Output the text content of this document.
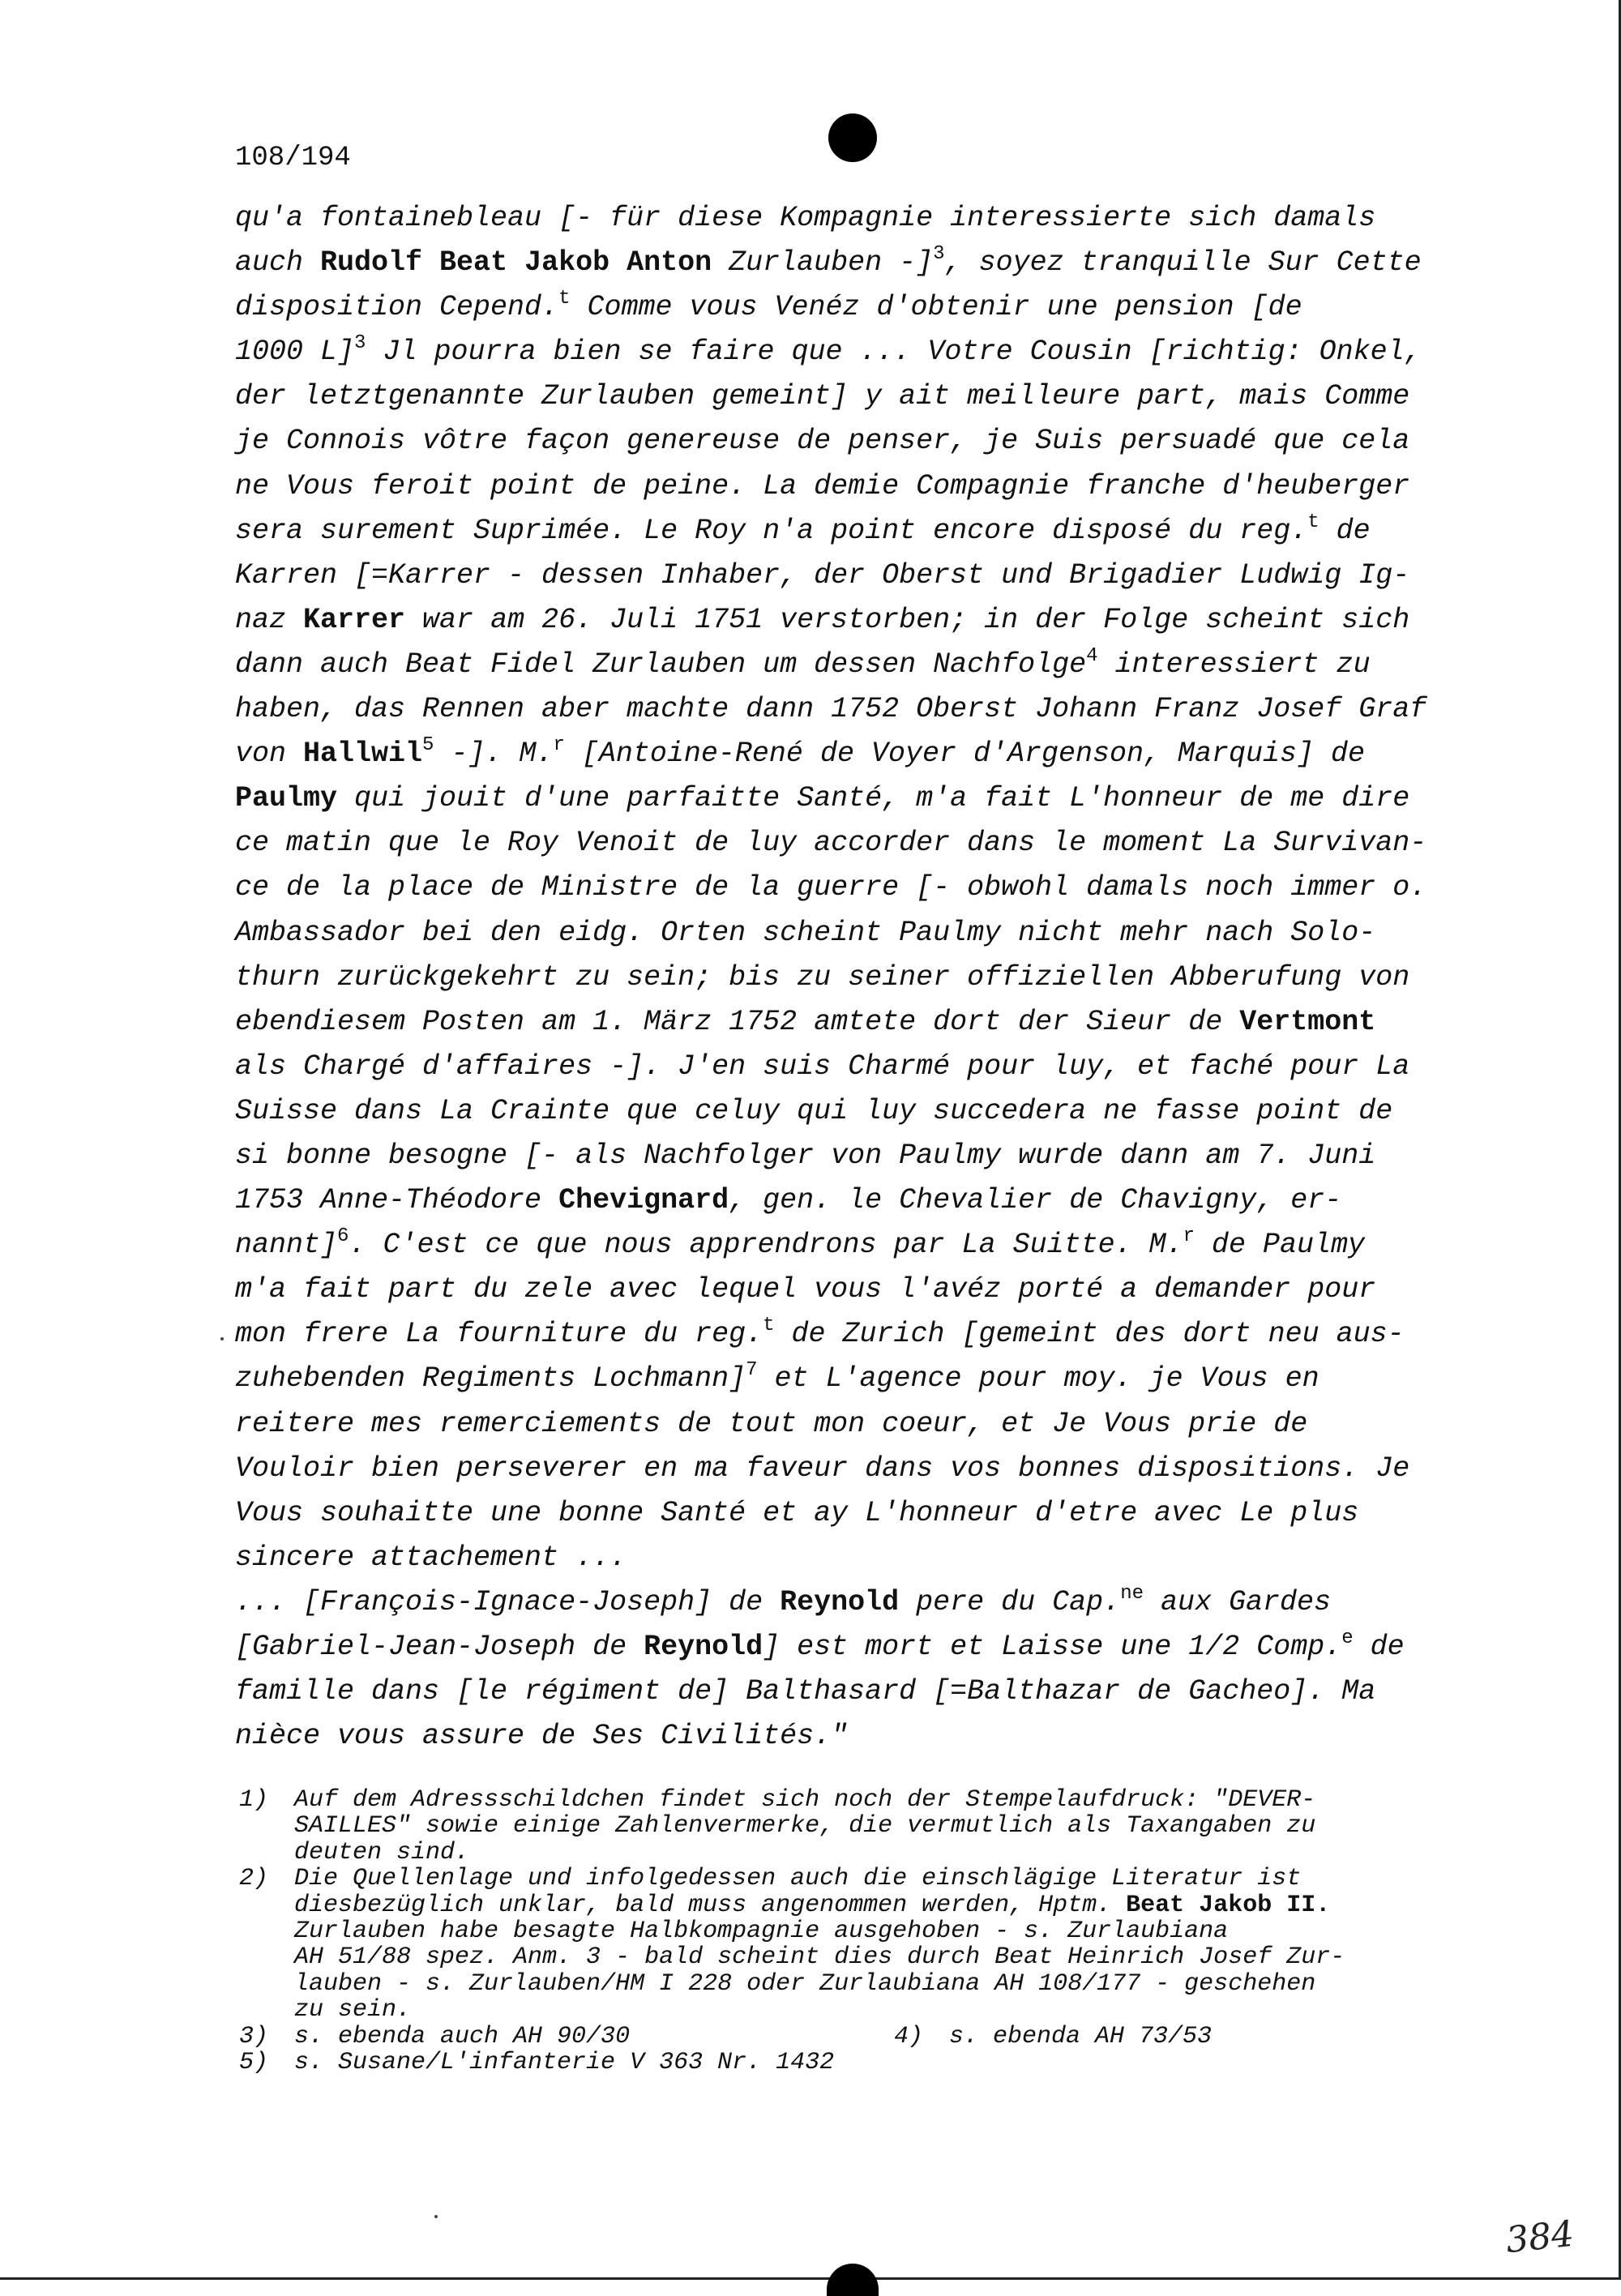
108/194
qu'a fontainebleau [- für diese Kompagnie interessierte sich damals
auch Rudolf Beat Jakob Anton Zurlauben -]$^3$, soyez tranquille Sur Cette
disposition Cepend.$^t$ Comme vous Venéz d'obtenir une pension [de
1000 L]$^3$ Jl pourra bien se faire que ... Votre Cousin [richtig: Onkel,
der letztgenannte Zurlauben gemeint] y ait meilleure part, mais Comme
je Connois vôtre façon genereuse de penser, je Suis persuadé que cela
ne Vous feroit point de peine. La demie Compagnie franche d'heuberger
sera surement Suprimée. Le Roy n'a point encore disposé du reg.$^t$ de
Karren [=Karrer - dessen Inhaber, der Oberst und Brigadier Ludwig Ig-
naz Karrer war am 26. Juli 1751 verstorben; in der Folge scheint sich
dann auch Beat Fidel Zurlauben um dessen Nachfolge$^4$ interessiert zu
haben, das Rennen aber machte dann 1752 Oberst Johann Franz Josef Graf
von Hallwil$^5$ -]. M.$^r$ [Antoine-René de Voyer d'Argenson, Marquis] de
Paulmy qui jouit d'une parfaitte Santé, m'a fait L'honneur de me dire
ce matin que le Roy Venoit de luy accorder dans le moment La Survivan-
ce de la place de Ministre de la guerre [- obwohl damals noch immer o.
Ambassador bei den eidg. Orten scheint Paulmy nicht mehr nach Solo-
thurn zurückgekehrt zu sein; bis zu seiner offiziellen Abberufung von
ebendiesem Posten am 1. März 1752 amtete dort der Sieur de Vertmont
als Chargé d'affaires -]. J'en suis Charmé pour luy, et faché pour La
Suisse dans La Crainte que celuy qui luy succedera ne fasse point de
si bonne besogne [- als Nachfolger von Paulmy wurde dann am 7. Juni
1753 Anne-Théodore Chevignard, gen. le Chevalier de Chavigny, er-
nannt]$^6$. C'est ce que nous apprendrons par La Suitte. M.$^r$ de Paulmy
m'a fait part du zele avec lequel vous l'avéz porté a demander pour
mon frere La fourniture du reg.$^t$ de Zurich [gemeint des dort neu aus-
zuhebenden Regiments Lochmann]$^7$ et L'agence pour moy. je Vous en
reitere mes remerciements de tout mon coeur, et Je Vous prie de
Vouloir bien perseverer en ma faveur dans vos bonnes dispositions. Je
Vous souhaitte une bonne Santé et ay L'honneur d'etre avec Le plus
sincere attachement ...
... [François-Ignace-Joseph] de Reynold pere du Cap.$^{ne}$ aux Gardes
[Gabriel-Jean-Joseph de Reynold] est mort et Laisse une 1/2 Comp.$^e$ de
famille dans [le régiment de] Balthasard [=Balthazar de Gacheo]. Ma
nièce vous assure de Ses Civilités."
1) Auf dem Adressschildchen findet sich noch der Stempelaufdruck: "DEVER-
SAILLES" sowie einige Zahlenvermerke, die vermutlich als Taxangaben zu
deuten sind.
2) Die Quellenlage und infolgedessen auch die einschlägige Literatur ist
diesbezüglich unklar, bald muss angenommen werden, Hptm. Beat Jakob II.
Zurlauben habe besagte Halbkompagnie ausgehoben - s. Zurlaubiana
AH 51/88 spez. Anm. 3 - bald scheint dies durch Beat Heinrich Josef Zur-
lauben - s. Zurlauben/HM I 228 oder Zurlaubiana AH 108/177 - geschehen
zu sein.
3) s. ebenda auch AH 90/30	4) s. ebenda AH 73/53
5) s. Susane/L'infanterie V 363 Nr. 1432
384
